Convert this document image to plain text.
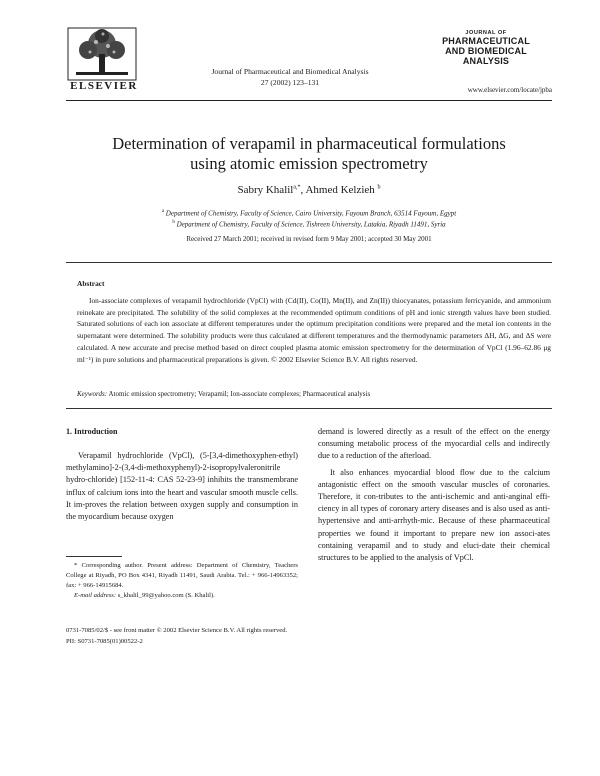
ELSEVIER
Journal of Pharmaceutical and Biomedical Analysis
27 (2002) 123–131
JOURNAL OF
PHARMACEUTICAL
AND BIOMEDICAL
ANALYSIS
www.elsevier.com/locate/jpba
Determination of verapamil in pharmaceutical formulations
using atomic emission spectrometry
Sabry Khalil$^{a,*}$, Ahmed Kelzieh $^b$
$^a$ Department of Chemistry, Faculty of Science, Cairo University, Fayoum Branch, 63514 Fayoum, Egypt
$^b$ Department of Chemistry, Faculty of Science, Tishreen University, Latakia, Riyadh 11491, Syria
Received 27 March 2001; received in revised form 9 May 2001; accepted 30 May 2001
Abstract
Ion-associate complexes of verapamil hydrochloride (VpCl) with (Cd(II), Co(II), Mn(II), and Zn(II)) thiocyanates, potassium ferricyanide, and ammonium reinekate are precipitated. The solubility of the solid complexes at the recommended optimum conditions of pH and ionic strength values have been studied. Saturated solutions of each ion associate at different temperatures under the optimum precipitation conditions were prepared and the metal ion contents in the supernatant were determined. The solubility products were thus calculated at different temperatures and the thermodynamic parameters ΔH, ΔG, and ΔS were calculated. A new accurate and precise method based on direct coupled plasma atomic emission spectrometry for the determination of VpCl (1.96–62.86 μg ml⁻¹) in pure solutions and pharmaceutical preparations is given. © 2002 Elsevier Science B.V. All rights reserved.
Keywords: Atomic emission spectrometry; Verapamil; Ion-associate complexes; Pharmaceutical analysis
1. Introduction

Verapamil hydrochloride (VpCl), (5-[3,4-dimethoxyphen-ethyl) methylamino]-2-(3,4-di-methoxyphenyl)-2-isopropylvaleronitrile hydro-chloride) [152-11-4: CAS 52-23-9] inhibits the transmembrane influx of calcium ions into the heart and vascular smooth muscle cells. It im-proves the relation between oxygen supply and consumption in the myocardium because oxygen

demand is lowered directly as a result of the effect on the energy consuming metabolic process of the myocardial cells and indirectly due to a reduction of the afterload.

It also enhances myocardial blood flow due to the calcium antagonistic effect on the smooth vascular muscles of coronaries. Therefore, it con-tributes to the anti-ischemic and anti-anginal effi-ciency in all types of coronary artery diseases and is also used as anti-hypertensive and anti-arrhyth-mic. Because of these pharmaceutical properties we found it important to prepare new ion associ-ates containing verapamil and to study and eluci-date their chemical structures to be applied to the analysis of VpCl.

* Corresponding author. Present address: Department of Chemistry, Teachers College at Riyadh, PO Box 4341, Riyadh 11491, Saudi Arabia. Tel.: + 966-14963352; fax: + 966-14915684.

E-mail address: s_khalil_99@yahoo.com (S. Khalil).

0731-7085/02/$ - see front matter © 2002 Elsevier Science B.V. All rights reserved.
PII: S0731-7085(01)00522-2
